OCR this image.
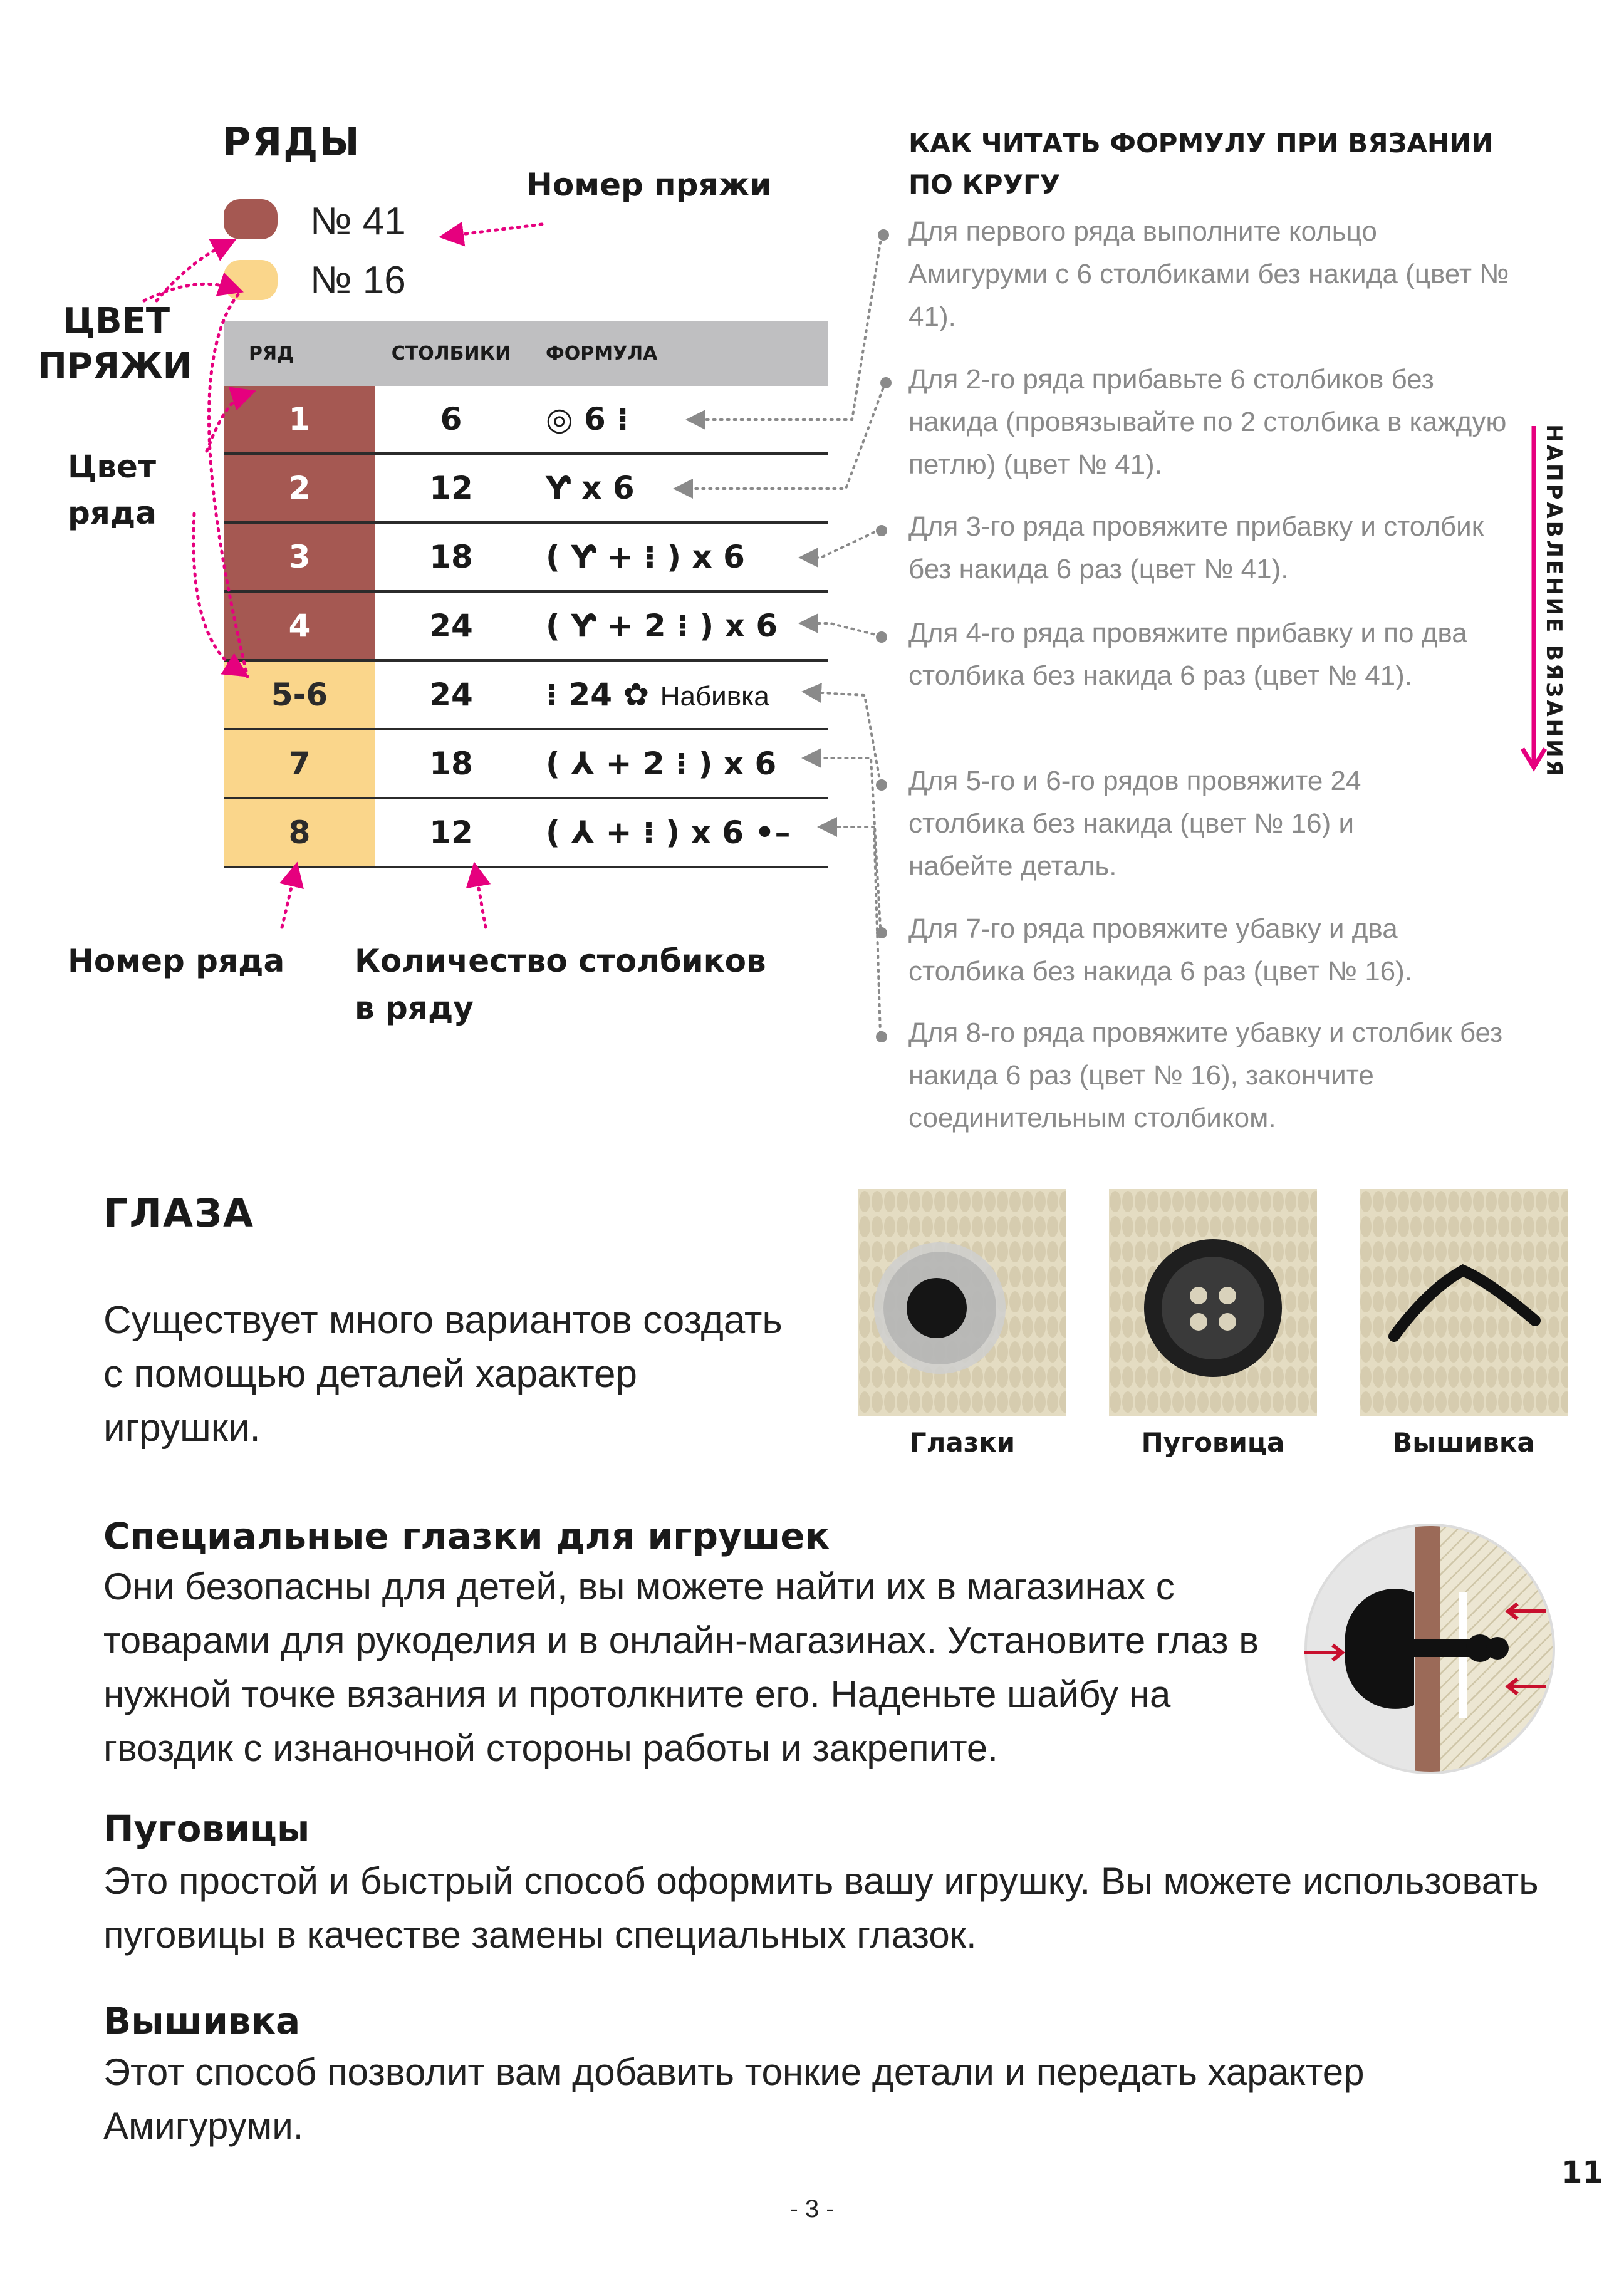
РЯДЫ
№ 41
№ 16
Номер пряжи
ЦВЕТ
ПРЯЖИ
Цвет
ряда
Номер ряда Количество столбиков
в ряду
РЯД	СТОЛБИКИ	ФОРМУЛА
1	6	◎ 6 ⁝
2	12	Ƴ x 6
3	18	( Ƴ + ⁝ ) x 6
4	24	( Ƴ + 2 ⁝ ) x 6
5-6	24	⁝ 24 ✿ Набивка
7	18	( ⅄ + 2 ⁝ ) x 6
8	12	( ⅄ + ⁝ ) x 6 •–
КАК ЧИТАТЬ ФОРМУЛУ ПРИ ВЯЗАНИИ
ПО КРУГУ
Для первого ряда выполните кольцо Амигуруми с 6 столбиками без накида (цвет № 41).
Для 2-го ряда прибавьте 6 столбиков без накида (провязывайте по 2 столбика в каждую петлю) (цвет № 41).
Для 3-го ряда провяжите прибавку и столбик без накида 6 раз (цвет № 41).
Для 4-го ряда провяжите прибавку и по два столбика без накида 6 раз (цвет № 41).
Для 5-го и 6-го рядов провяжите 24 столбика без накида (цвет № 16) и набейте деталь.
Для 7-го ряда провяжите убавку и два столбика без накида 6 раз (цвет № 16).
Для 8-го ряда провяжите убавку и столбик без накида 6 раз (цвет № 16), закончите соединительным столбиком.
НАПРАВЛЕНИЕ ВЯЗАНИЯ
ГЛАЗА
Существует много вариантов создать с помощью деталей характер игрушки.	Глазки	Пуговица	Вышивка
Специальные глазки для игрушек
Они безопасны для детей, вы можете найти их в магазинах с товарами для рукоделия и в онлайн-магазинах. Установите глаз в нужной точке вязания и протолкните его. Наденьте шайбу на гвоздик с изнаночной стороны работы и закрепите.
Пуговицы
Это простой и быстрый способ оформить вашу игрушку. Вы можете использовать пуговицы в качестве замены специальных глазок.
Вышивка
Этот способ позволит вам добавить тонкие детали и передать характер Амигуруми.
11
- 3 -
